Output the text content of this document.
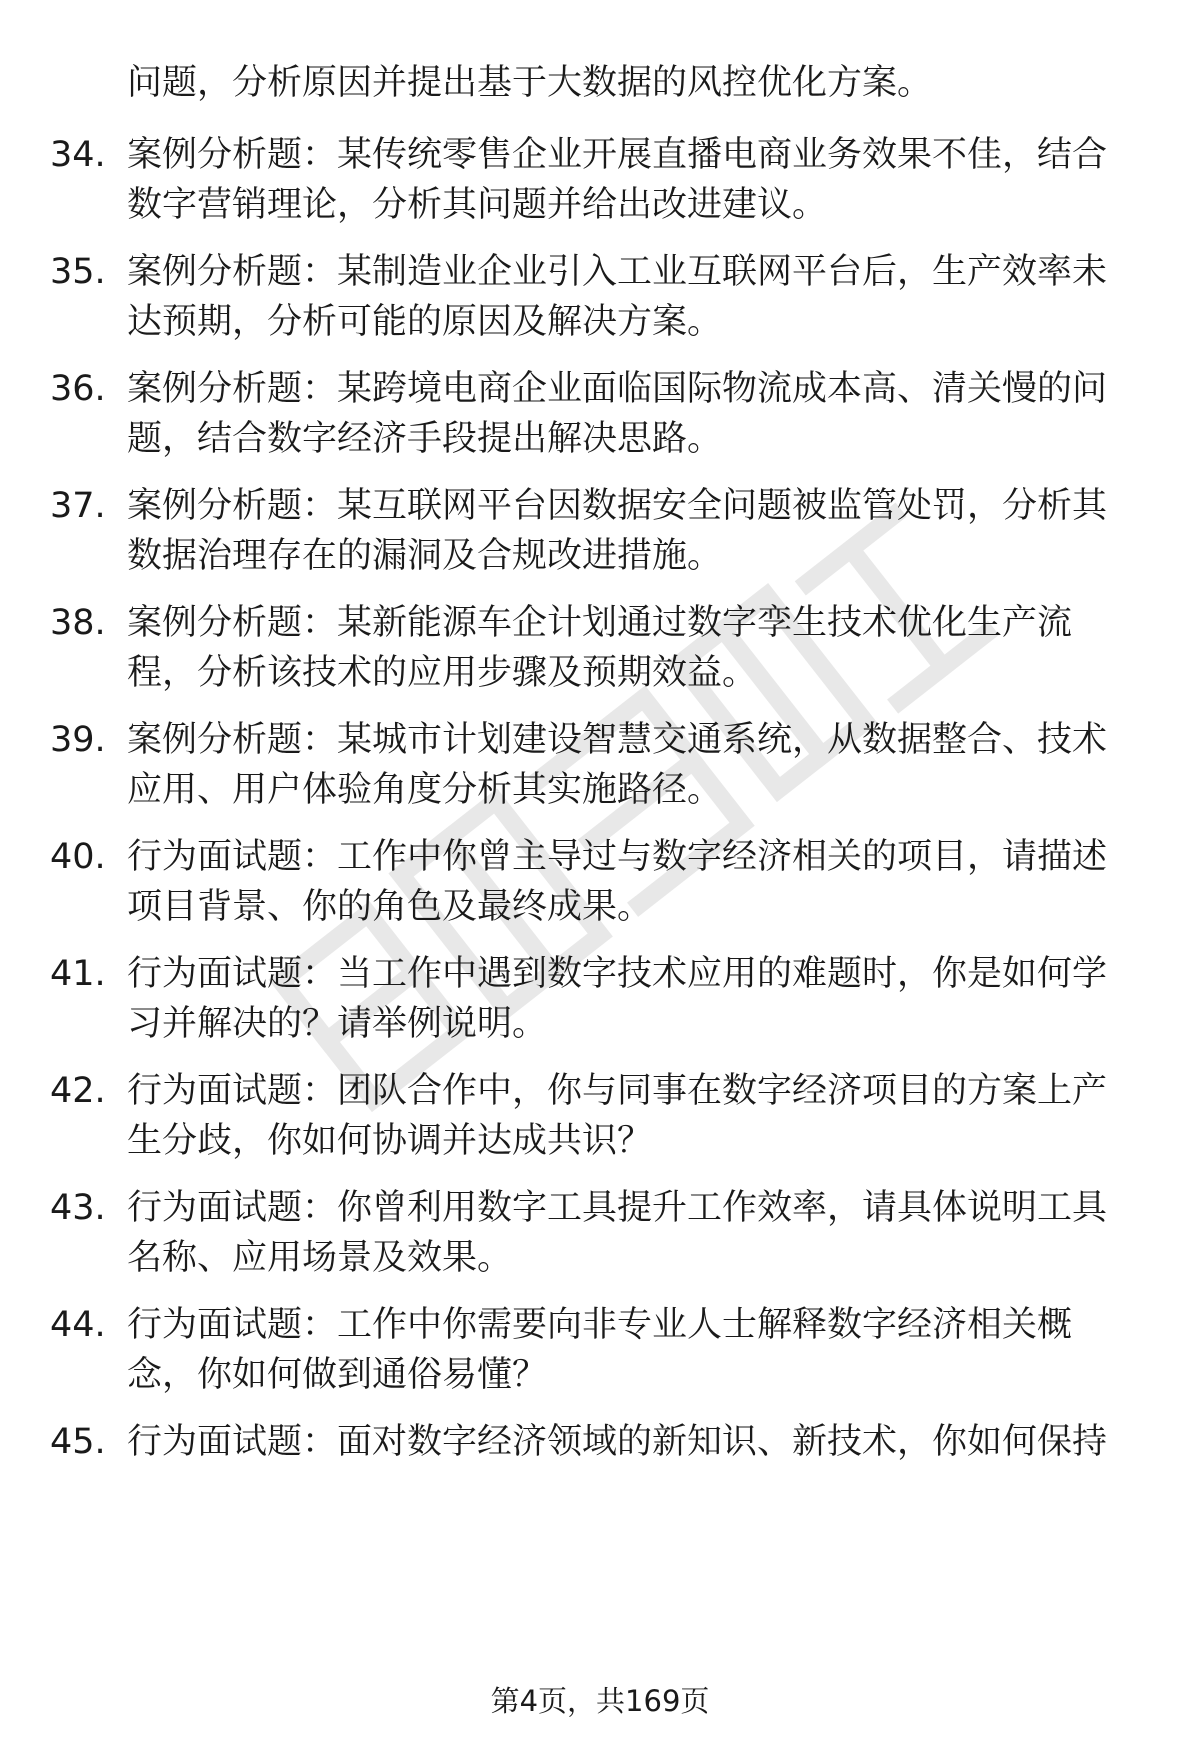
问题，分析原因并提出基于大数据的风控优化方案。

34. 案例分析题：某传统零售企业开展直播电商业务效果不佳，结合
数字营销理论，分析其问题并给出改进建议。
35. 案例分析题：某制造业企业引入工业互联网平台后，生产效率未
达预期，分析可能的原因及解决方案。
36. 案例分析题：某跨境电商企业面临国际物流成本高、清关慢的问
题，结合数字经济手段提出解决思路。
37. 案例分析题：某互联网平台因数据安全问题被监管处罚，分析其
数据治理存在的漏洞及合规改进措施。
38. 案例分析题：某新能源车企计划通过数字孪生技术优化生产流
程，分析该技术的应用步骤及预期效益。
39. 案例分析题：某城市计划建设智慧交通系统，从数据整合、技术
应用、用户体验角度分析其实施路径。
40. 行为面试题：工作中你曾主导过与数字经济相关的项目，请描述
项目背景、你的角色及最终成果。
41. 行为面试题：当工作中遇到数字技术应用的难题时，你是如何学
习并解决的？请举例说明。
42. 行为面试题：团队合作中，你与同事在数字经济项目的方案上产
生分歧，你如何协调并达成共识？
43. 行为面试题：你曾利用数字工具提升工作效率，请具体说明工具
名称、应用场景及效果。
44. 行为面试题：工作中你需要向非专业人士解释数字经济相关概
念，你如何做到通俗易懂？
45. 行为面试题：面对数字经济领域的新知识、新技术，你如何保持
第4页，共169页
